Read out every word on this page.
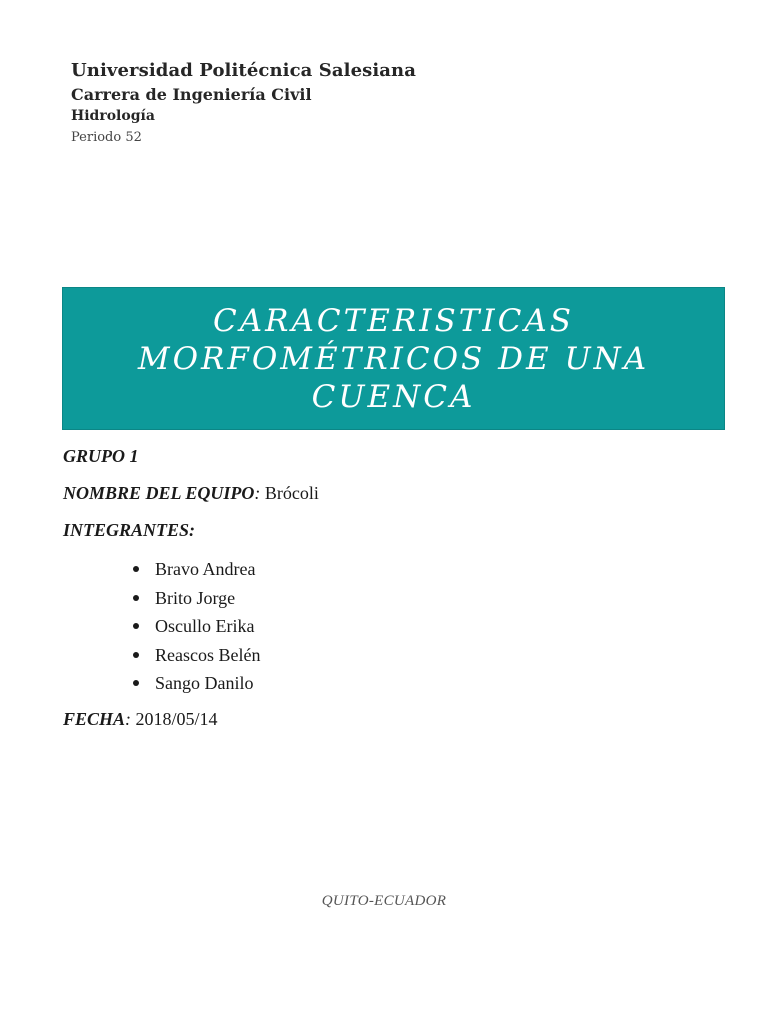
Universidad Politécnica Salesiana
Carrera de Ingeniería Civil
Hidrología
Periodo 52
CARACTERISTICAS
MORFOMÉTRICOS DE UNA
CUENCA
GRUPO 1
NOMBRE DEL EQUIPO: Brócoli
INTEGRANTES:
Bravo Andrea
Brito Jorge
Oscullo Erika
Reascos Belén
Sango Danilo
FECHA: 2018/05/14
QUITO-ECUADOR
